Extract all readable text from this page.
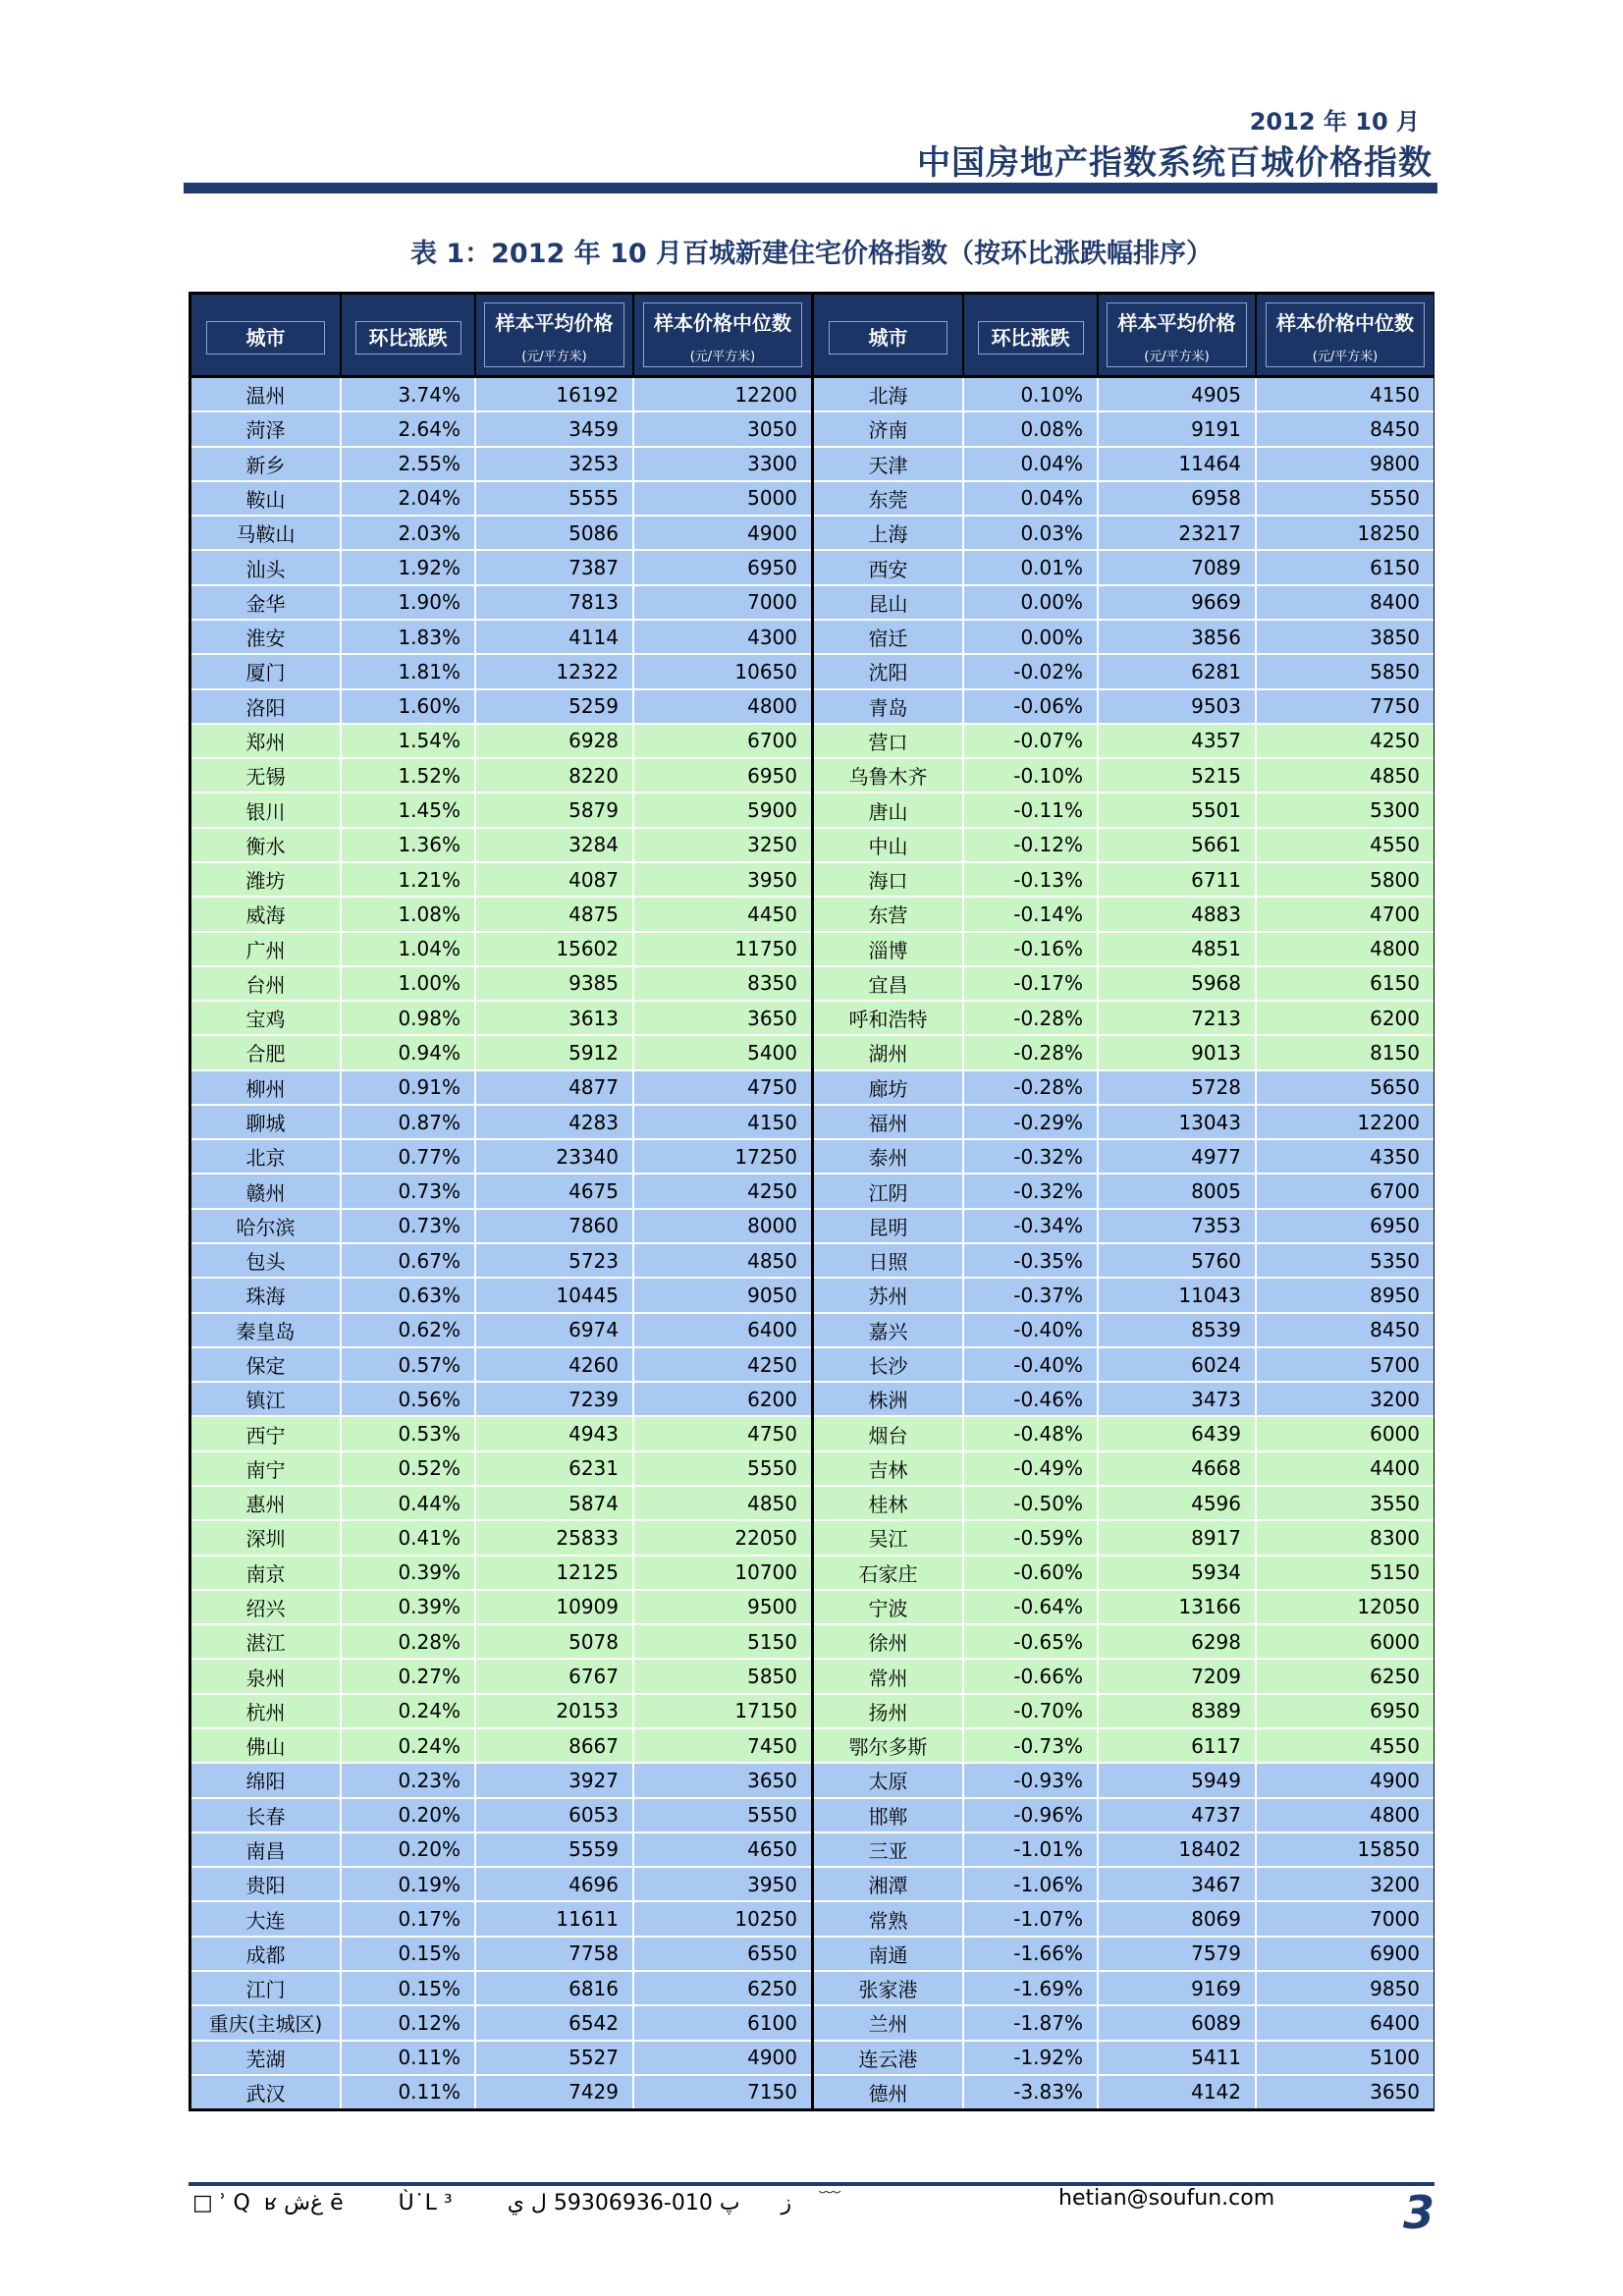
2012 年 10 月
中国房地产指数系统百城价格指数
表 1：2012 年 10 月百城新建住宅价格指数（按环比涨跌幅排序）
城市	环比涨跌
样本平均价格
(元/平方米)
样本价格中位数
(元/平方米)
温州	3.74%	16192	12200
菏泽	2.64%	3459	3050
新乡	2.55%	3253	3300
鞍山	2.04%	5555	5000
马鞍山	2.03%	5086	4900
汕头	1.92%	7387	6950
金华	1.90%	7813	7000
淮安	1.83%	4114	4300
厦门	1.81%	12322	10650
洛阳	1.60%	5259	4800
郑州	1.54%	6928	6700
无锡	1.52%	8220	6950
银川	1.45%	5879	5900
衡水	1.36%	3284	3250
潍坊	1.21%	4087	3950
威海	1.08%	4875	4450
广州	1.04%	15602	11750
台州	1.00%	9385	8350
宝鸡	0.98%	3613	3650
合肥	0.94%	5912	5400
柳州	0.91%	4877	4750
聊城	0.87%	4283	4150
北京	0.77%	23340	17250
赣州	0.73%	4675	4250
哈尔滨	0.73%	7860	8000
包头	0.67%	5723	4850
珠海	0.63%	10445	9050
秦皇岛	0.62%	6974	6400
保定	0.57%	4260	4250
镇江	0.56%	7239	6200
西宁	0.53%	4943	4750
南宁	0.52%	6231	5550
惠州	0.44%	5874	4850
深圳	0.41%	25833	22050
南京	0.39%	12125	10700
绍兴	0.39%	10909	9500
湛江	0.28%	5078	5150
泉州	0.27%	6767	5850
杭州	0.24%	20153	17150
佛山	0.24%	8667	7450
绵阳	0.23%	3927	3650
长春	0.20%	6053	5550
南昌	0.20%	5559	4650
贵阳	0.19%	4696	3950
大连	0.17%	11611	10250
成都	0.15%	7758	6550
江门	0.15%	6816	6250
重庆(主城区)	0.12%	6542	6100
芜湖	0.11%	5527	4900
武汉	0.11%	7429	7150
城市	环比涨跌
样本平均价格
(元/平方米)
样本价格中位数
(元/平方米)
北海	0.10%	4905	4150
济南	0.08%	9191	8450
天津	0.04%	11464	9800
东莞	0.04%	6958	5550
上海	0.03%	23217	18250
西安	0.01%	7089	6150
昆山	0.00%	9669	8400
宿迁	0.00%	3856	3850
沈阳	-0.02%	6281	5850
青岛	-0.06%	9503	7750
营口	-0.07%	4357	4250
乌鲁木齐	-0.10%	5215	4850
唐山	-0.11%	5501	5300
中山	-0.12%	5661	4550
海口	-0.13%	6711	5800
东营	-0.14%	4883	4700
淄博	-0.16%	4851	4800
宜昌	-0.17%	5968	6150
呼和浩特	-0.28%	7213	6200
湖州	-0.28%	9013	8150
廊坊	-0.28%	5728	5650
福州	-0.29%	13043	12200
泰州	-0.32%	4977	4350
江阴	-0.32%	8005	6700
昆明	-0.34%	7353	6950
日照	-0.35%	5760	5350
苏州	-0.37%	11043	8950
嘉兴	-0.40%	8539	8450
长沙	-0.40%	6024	5700
株洲	-0.46%	3473	3200
烟台	-0.48%	6439	6000
吉林	-0.49%	4668	4400
桂林	-0.50%	4596	3550
吴江	-0.59%	8917	8300
石家庄	-0.60%	5934	5150
宁波	-0.64%	13166	12050
徐州	-0.65%	6298	6000
常州	-0.66%	7209	6250
扬州	-0.70%	8389	6950
鄂尔多斯	-0.73%	6117	4550
太原	-0.93%	5949	4900
邯郸	-0.96%	4737	4800
三亚	-1.01%	18402	15850
湘潭	-1.06%	3467	3200
常熟	-1.07%	8069	7000
南通	-1.66%	7579	6900
张家港	-1.69%	9169	9850
兰州	-1.87%	6089	6400
连云港	-1.92%	5411	5100
德州	-3.83%	4142	3650
□ ʾ Q  ʁ ﻍﺵ ē        Ù˙L ³        ﺯ      ﭖ 010-59306936 ﻝ ﻱ    ﹋	hetian@soufun.com	3
